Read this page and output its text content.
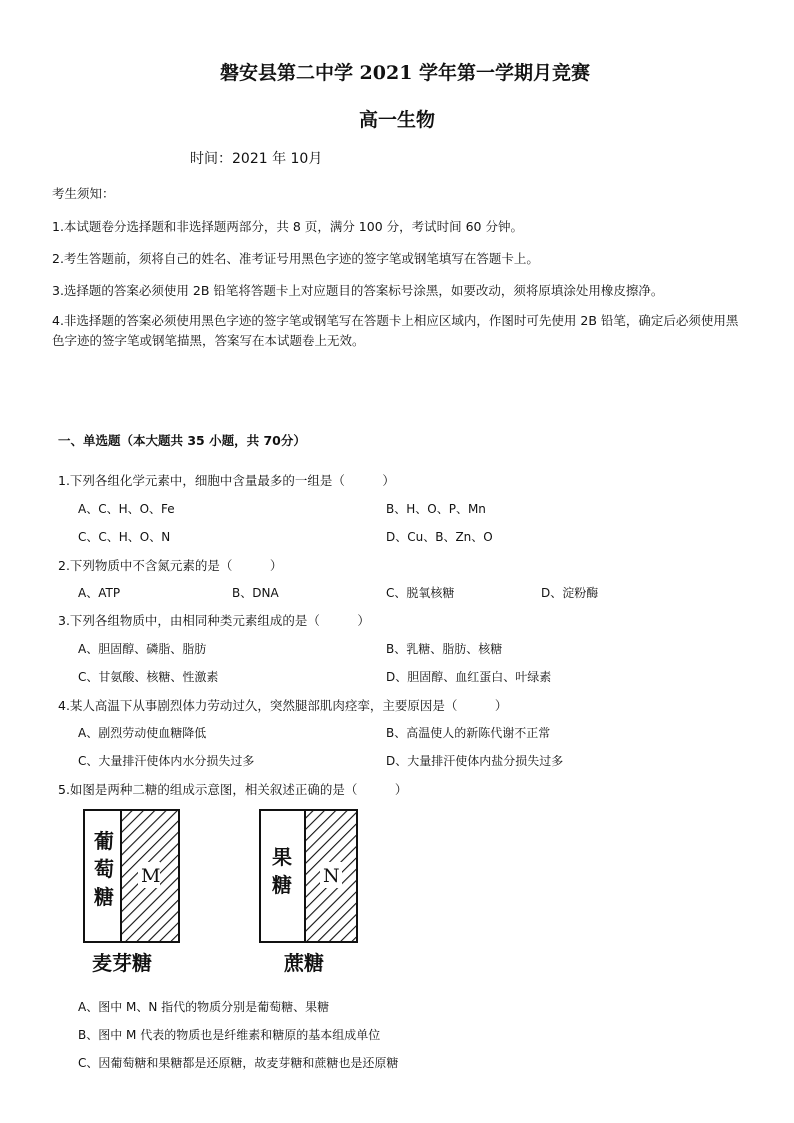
磐安县第二中学 2021 学年第一学期月竞赛
高一生物
时间：2021 年 10月
考生须知：
1.本试题卷分选择题和非选择题两部分，共 8 页，满分 100 分，考试时间 60 分钟。
2.考生答题前，须将自己的姓名、准考证号用黑色字迹的签字笔或钢笔填写在答题卡上。
3.选择题的答案必须使用 2B 铅笔将答题卡上对应题目的答案标号涂黑，如要改动，须将原填涂处用橡皮擦净。
4.非选择题的答案必须使用黑色字迹的签字笔或钢笔写在答题卡上相应区域内，作图时可先使用 2B 铅笔，确定后必须使用黑色字迹的签字笔或钢笔描黑，答案写在本试题卷上无效。
一、单选题（本大题共 35 小题，共 70分）
1.下列各组化学元素中，细胞中含量最多的一组是（　　　）
A、C、H、O、Fe	B、H、O、P、Mn
C、C、H、O、N	D、Cu、B、Zn、O
2.下列物质中不含氮元素的是（　　　）
A、ATP	B、DNA	C、脱氧核糖	D、淀粉酶
3.下列各组物质中，由相同种类元素组成的是（　　　）
A、胆固醇、磷脂、脂肪	B、乳糖、脂肪、核糖
C、甘氨酸、核糖、性激素	D、胆固醇、血红蛋白、叶绿素
4.某人高温下从事剧烈体力劳动过久，突然腿部肌肉痉挛，主要原因是（　　　）
A、剧烈劳动使血糖降低	B、高温使人的新陈代谢不正常
C、大量排汗使体内水分损失过多	D、大量排汗使体内盐分损失过多
5.如图是两种二糖的组成示意图，相关叙述正确的是（　　　）
葡
萄
糖
M
麦芽糖
果
糖 N
蔗糖
A、图中 M、N 指代的物质分别是葡萄糖、果糖
B、图中 M 代表的物质也是纤维素和糖原的基本组成单位
C、因葡萄糖和果糖都是还原糖，故麦芽糖和蔗糖也是还原糖
